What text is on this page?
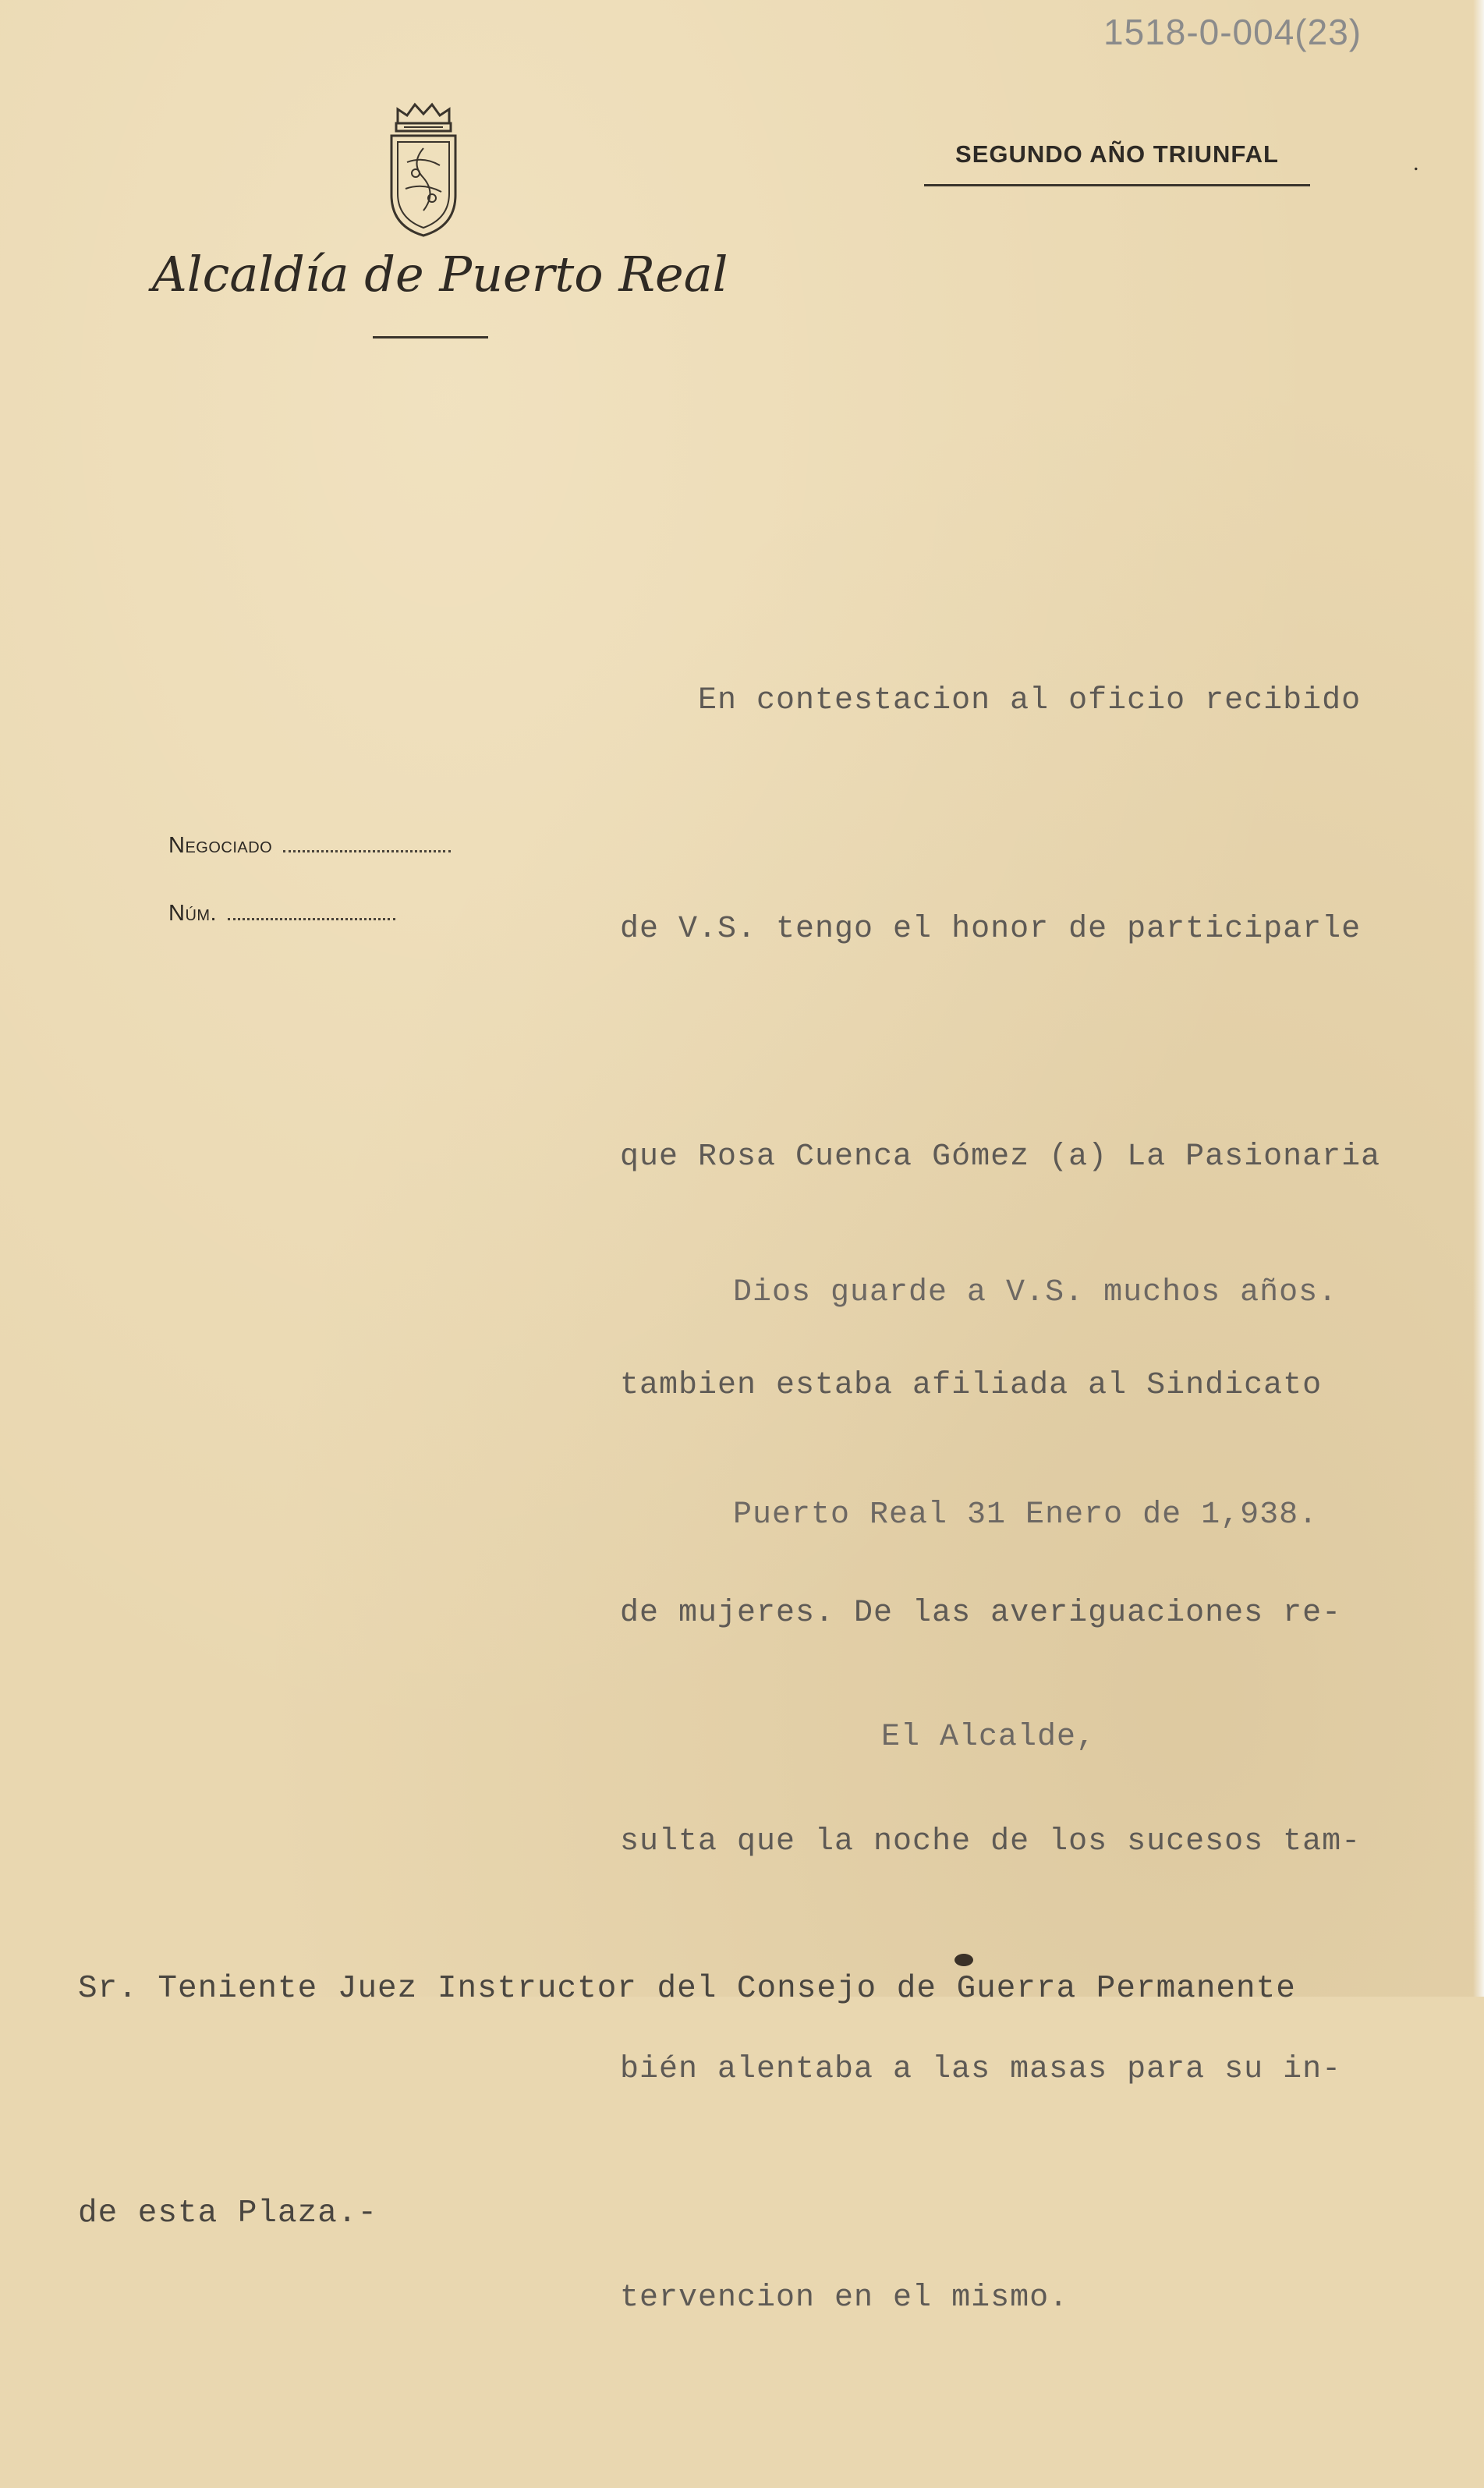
1518-0-004(23)
SEGUNDO AÑO TRIUNFAL	.
Alcaldía de Puerto Real
Negociado
Núm.

En contestacion al oficio recibido

de V.S. tengo el honor de participarle

que Rosa Cuenca Gómez (a) La Pasionaria

tambien estaba afiliada al Sindicato

de mujeres. De las averiguaciones re-

sulta que la noche de los sucesos tam-

bién alentaba a las masas para su in-

tervencion en el mismo.

Dios guarde a V.S. muchos años.

Puerto Real 31 Enero de 1,938.

El Alcalde,

Sr. Teniente Juez Instructor del Consejo de Guerra Permanente

de esta Plaza.-
